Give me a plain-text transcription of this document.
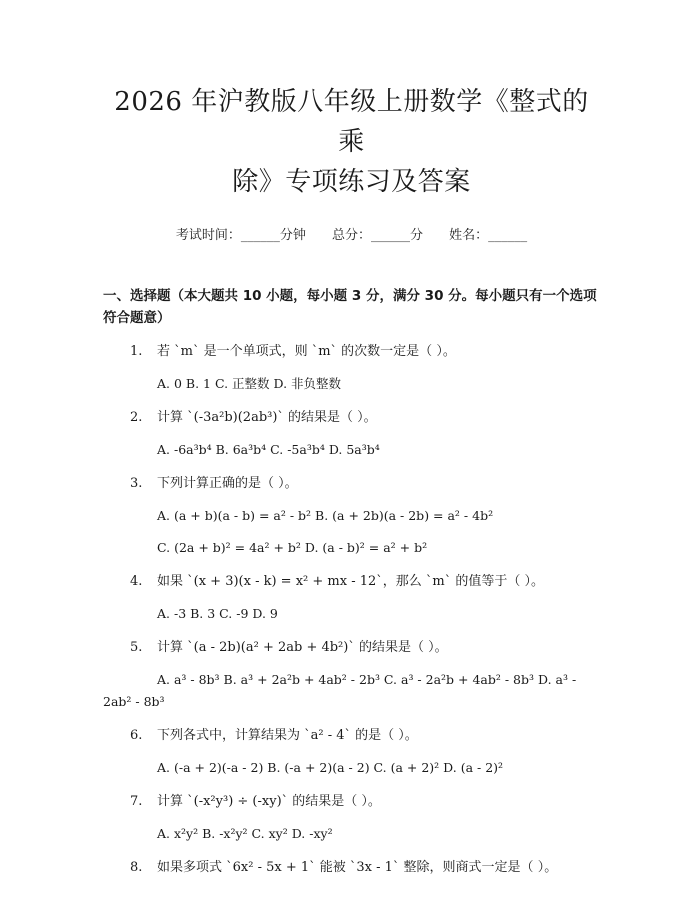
2026 年沪教版八年级上册数学《整式的乘
除》专项练习及答案
考试时间：______分钟 总分：______分 姓名：______
一、选择题（本大题共 10 小题，每小题 3 分，满分 30 分。每小题只有一个选项符合题意）
1. 若 `m` 是一个单项式，则 `m` 的次数一定是（ ）。
A. 0 B. 1 C. 正整数 D. 非负整数
2. 计算 `(-3a²b)(2ab³)` 的结果是（ ）。
A. -6a³b⁴ B. 6a³b⁴ C. -5a³b⁴ D. 5a³b⁴
3. 下列计算正确的是（ ）。
A. (a + b)(a - b) = a² - b² B. (a + 2b)(a - 2b) = a² - 4b²
C. (2a + b)² = 4a² + b² D. (a - b)² = a² + b²
4. 如果 `(x + 3)(x - k) = x² + mx - 12`，那么 `m` 的值等于（ ）。
A. -3 B. 3 C. -9 D. 9
5. 计算 `(a - 2b)(a² + 2ab + 4b²)` 的结果是（ ）。
A. a³ - 8b³ B. a³ + 2a²b + 4ab² - 2b³ C. a³ - 2a²b + 4ab² - 8b³ D. a³ - 2ab² - 8b³
6. 下列各式中，计算结果为 `a² - 4` 的是（ ）。
A. (-a + 2)(-a - 2) B. (-a + 2)(a - 2) C. (a + 2)² D. (a - 2)²
7. 计算 `(-x²y³) ÷ (-xy)` 的结果是（ ）。
A. x²y² B. -x²y² C. xy² D. -xy²
8. 如果多项式 `6x² - 5x + 1` 能被 `3x - 1` 整除，则商式一定是（ ）。
